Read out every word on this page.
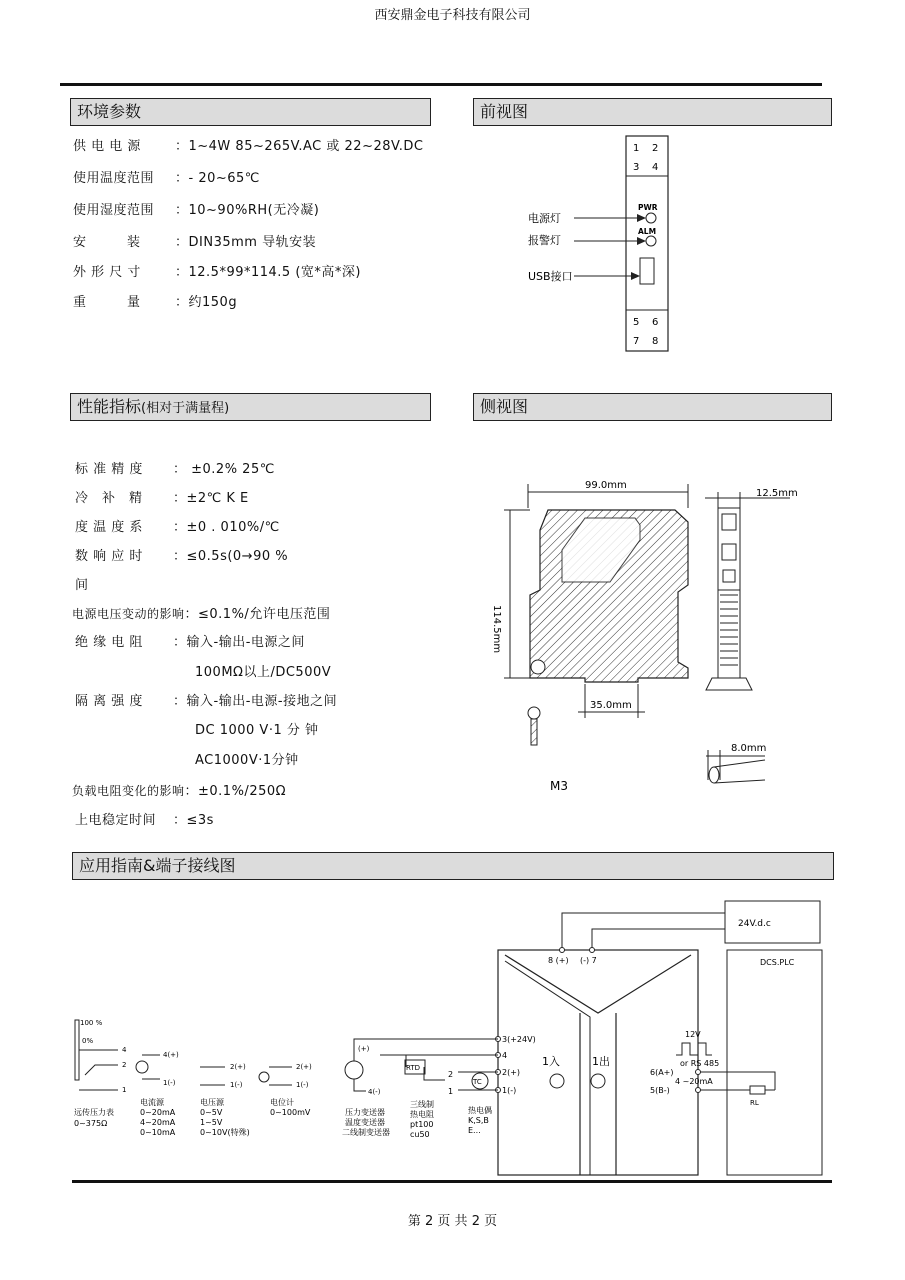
西安鼎金电子科技有限公司
环境参数
供 电 电 源	：1~4W 85~265V.AC 或 22~28V.DC
使用温度范围 ：- 20~65℃
使用湿度范围 ：10~90%RH(无冷凝)
安　　　装	：DIN35mm 导轨安装
外 形 尺 寸	：12.5*99*114.5 (宽*高*深)
重　　　量	：约150g
前视图
1 2
3 4
PWR
ALM
5 6
7 8
电源灯
报警灯
USB接口
性能指标(相对于满量程)
标 准 精 度 ： ±0.2% 25℃
冷　补　精 ：±2℃ K E
度 温 度 系 ：±0 . 010%/℃
数 响 应 时 ：≤0.5s(0→90 %
间
电源电压变动的影响：≤0.1%/允许电压范围
绝 缘 电 阻 ：输入-输出-电源之间
100MΩ以上/DC500V
隔 离 强 度 ：输入-输出-电源-接地之间
DC 1000 V·1 分 钟
AC1000V·1分钟
负载电阻变化的影响：±0.1%/250Ω
上电稳定时间 ：≤3s
侧视图
99.0mm
114.5mm
35.0mm
12.5mm
8.0mm
M3
应用指南&端子接线图
24V.d.c
DCS.PLC
8 (+) (-) 7
3(+24V)
4
2(+)
1(-)
1入	1出
6(A+)
5(B-)
RL
12V
or RS 485
4 ~20mA
(+)
4(-)
RTD
2
1
TC
100 %
0%
4
2
1
4(+)
1(-)
2(+)
1(-)
2(+)
1(-)
远传压力表
0~375Ω
电流源
0~20mA
4~20mA
0~10mA
电压源
0~5V
1~5V
0~10V(特殊)
电位计
0~100mV	压力变送器
温度变送器
二线制变送器
三线制
热电阻
pt100
cu50
热电偶
K,S,B
E...
第 2 页 共 2 页
